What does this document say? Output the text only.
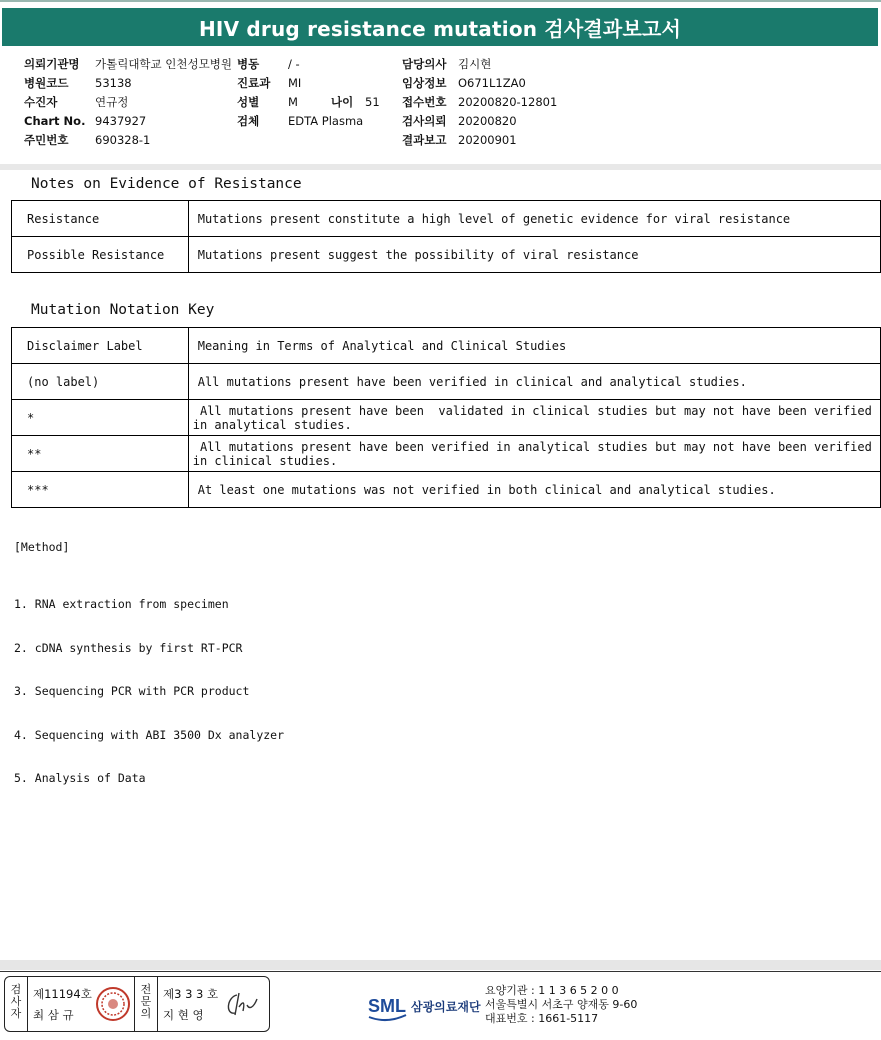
HIV drug resistance mutation 검사결과보고서
의뢰기관명 가톨릭대학교 인천성모병원
병원코드 53138
수진자	연규정
Chart No. 9437927
주민번호 690328-1
병동	/ -
진료과 MI
성별	M	나이 51
검체	EDTA Plasma
담당의사 김시현
임상정보 O671L1ZA0
접수번호 20200820-12801
검사의뢰 20200820
결과보고 20200901
Notes on Evidence of Resistance
Resistance	Mutations present constitute a high level of genetic evidence for viral resistance
Possible Resistance	Mutations present suggest the possibility of viral resistance
Mutation Notation Key
Disclaimer Label	Meaning in Terms of Analytical and Clinical Studies
(no label)	All mutations present have been verified in clinical and analytical studies.
*	All mutations present have been  validated in clinical studies but may not have been verified
in analytical studies.

**	All mutations present have been verified in analytical studies but may not have been verified
in clinical studies.

***	At least one mutations was not verified in both clinical and analytical studies.
[Method]

1. RNA extraction from specimen

2. cDNA synthesis by first RT-PCR

3. Sequencing PCR with PCR product

4. Sequencing with ABI 3500 Dx analyzer

5. Analysis of Data

검
사
자
제11194호
최 삼 규
전
문
의
제3 3 3 호
지 현 영	SML 삼광의료재단
요양기관 : 1 1 3 6 5 2 0 0
서울특별시 서초구 양재동 9-60
대표번호 : 1661-5117
